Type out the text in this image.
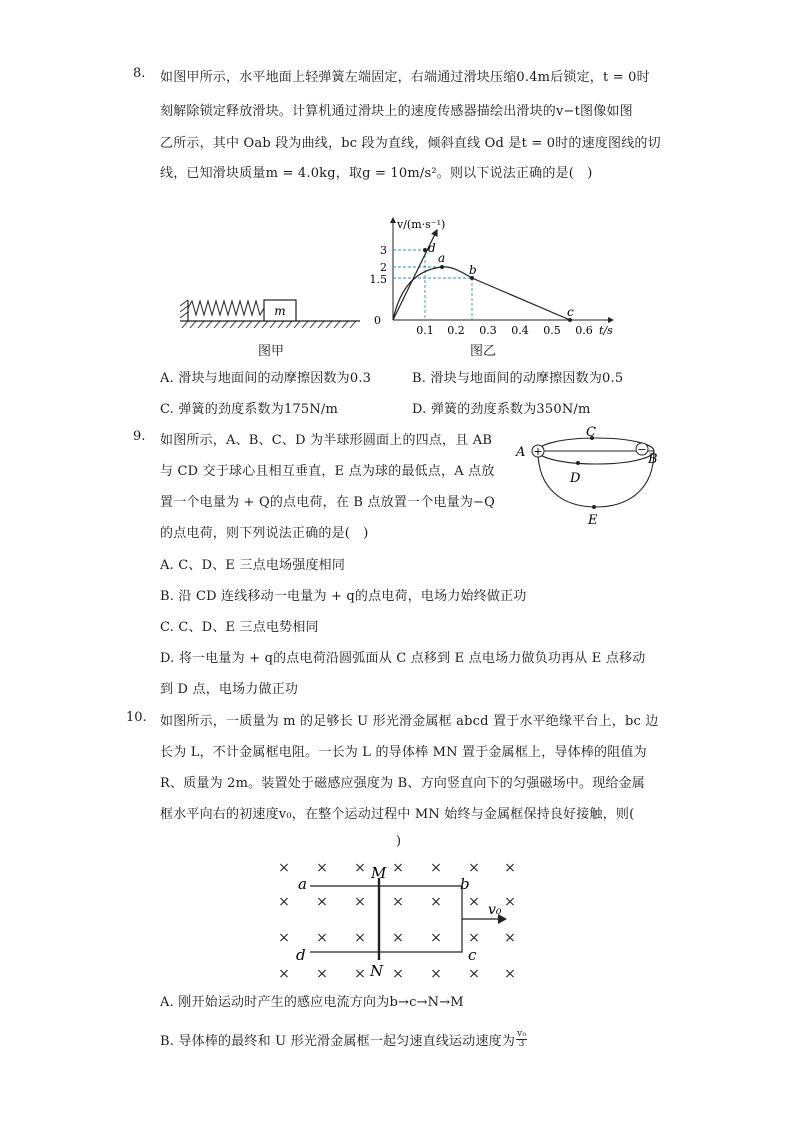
8. 如图甲所示，水平地面上轻弹簧左端固定，右端通过滑块压缩0.4m后锁定，t = 0时
刻解除锁定释放滑块。计算机通过滑块上的速度传感器描绘出滑块的v−t图像如图
乙所示，其中 Oab 段为曲线，bc 段为直线，倾斜直线 Od 是t = 0时的速度图线的切
线，已知滑块质量m = 4.0kg，取g = 10m/s²。则以下说法正确的是(　)
m
图甲
v/(m·s⁻¹)
3
2
1.5
0
0.1 0.2 0.3 0.4 0.5 0.6 t/s
d
a
b
c
图乙
A. 滑块与地面间的动摩擦因数为0.3	B. 滑块与地面间的动摩擦因数为0.5
C. 弹簧的劲度系数为175N/m	D. 弹簧的劲度系数为350N/m
9. 如图所示，A、B、C、D 为半球形圆面上的四点，且 AB
与 CD 交于球心且相互垂直，E 点为球的最低点，A 点放
置一个电量为 + Q的点电荷，在 B 点放置一个电量为−Q
的点电荷，则下列说法正确的是(　)
+	−
A	B
C
D
E
A. C、D、E 三点电场强度相同
B. 沿 CD 连线移动一电量为 + q的点电荷，电场力始终做正功
C. C、D、E 三点电势相同
D. 将一电量为 + q的点电荷沿圆弧面从 C 点移到 E 点电场力做负功再从 E 点移动
到 D 点，电场力做正功
10. 如图所示，一质量为 m 的足够长 U 形光滑金属框 abcd 置于水平绝缘平台上，bc 边
长为 L，不计金属框电阻。一长为 L 的导体棒 MN 置于金属框上，导体棒的阻值为
R、质量为 2m。装置处于磁感应强度为 B、方向竖直向下的匀强磁场中。现给金属
框水平向右的初速度v₀，在整个运动过程中 MN 始终与金属框保持良好接触，则(
)
× × × × × × ×
× × × × × × ×
× × × × × × ×
× × × × × × ×
a	b
c
d
M
N
v₀
A. 刚开始运动时产生的感应电流方向为b→c→N→M
B. 导体棒的最终和 U 形光滑金属框一起匀速直线运动速度为 $\frac{\text{v₀}}{3}$
